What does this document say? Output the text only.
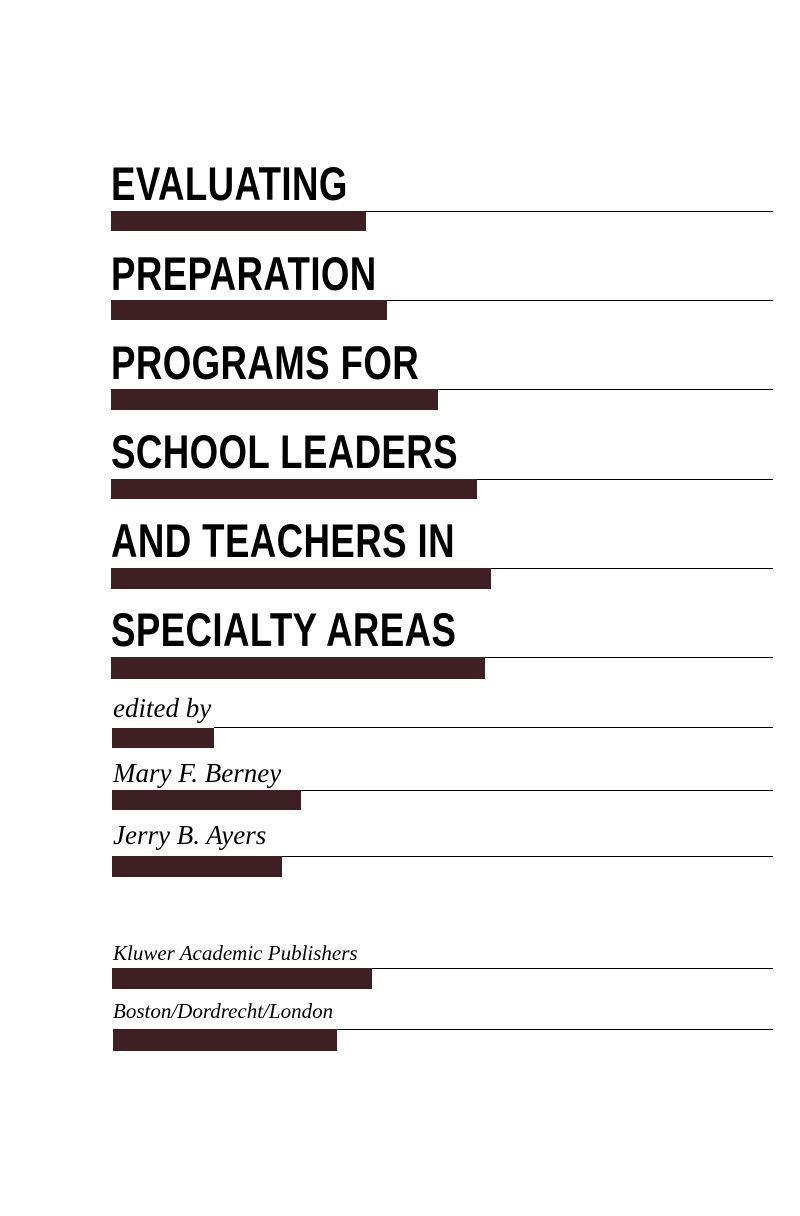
EVALUATING
PREPARATION
PROGRAMS FOR
SCHOOL LEADERS
AND TEACHERS IN
SPECIALTY AREAS
edited by
Mary F. Berney
Jerry B. Ayers
Kluwer Academic Publishers
Boston/Dordrecht/London
